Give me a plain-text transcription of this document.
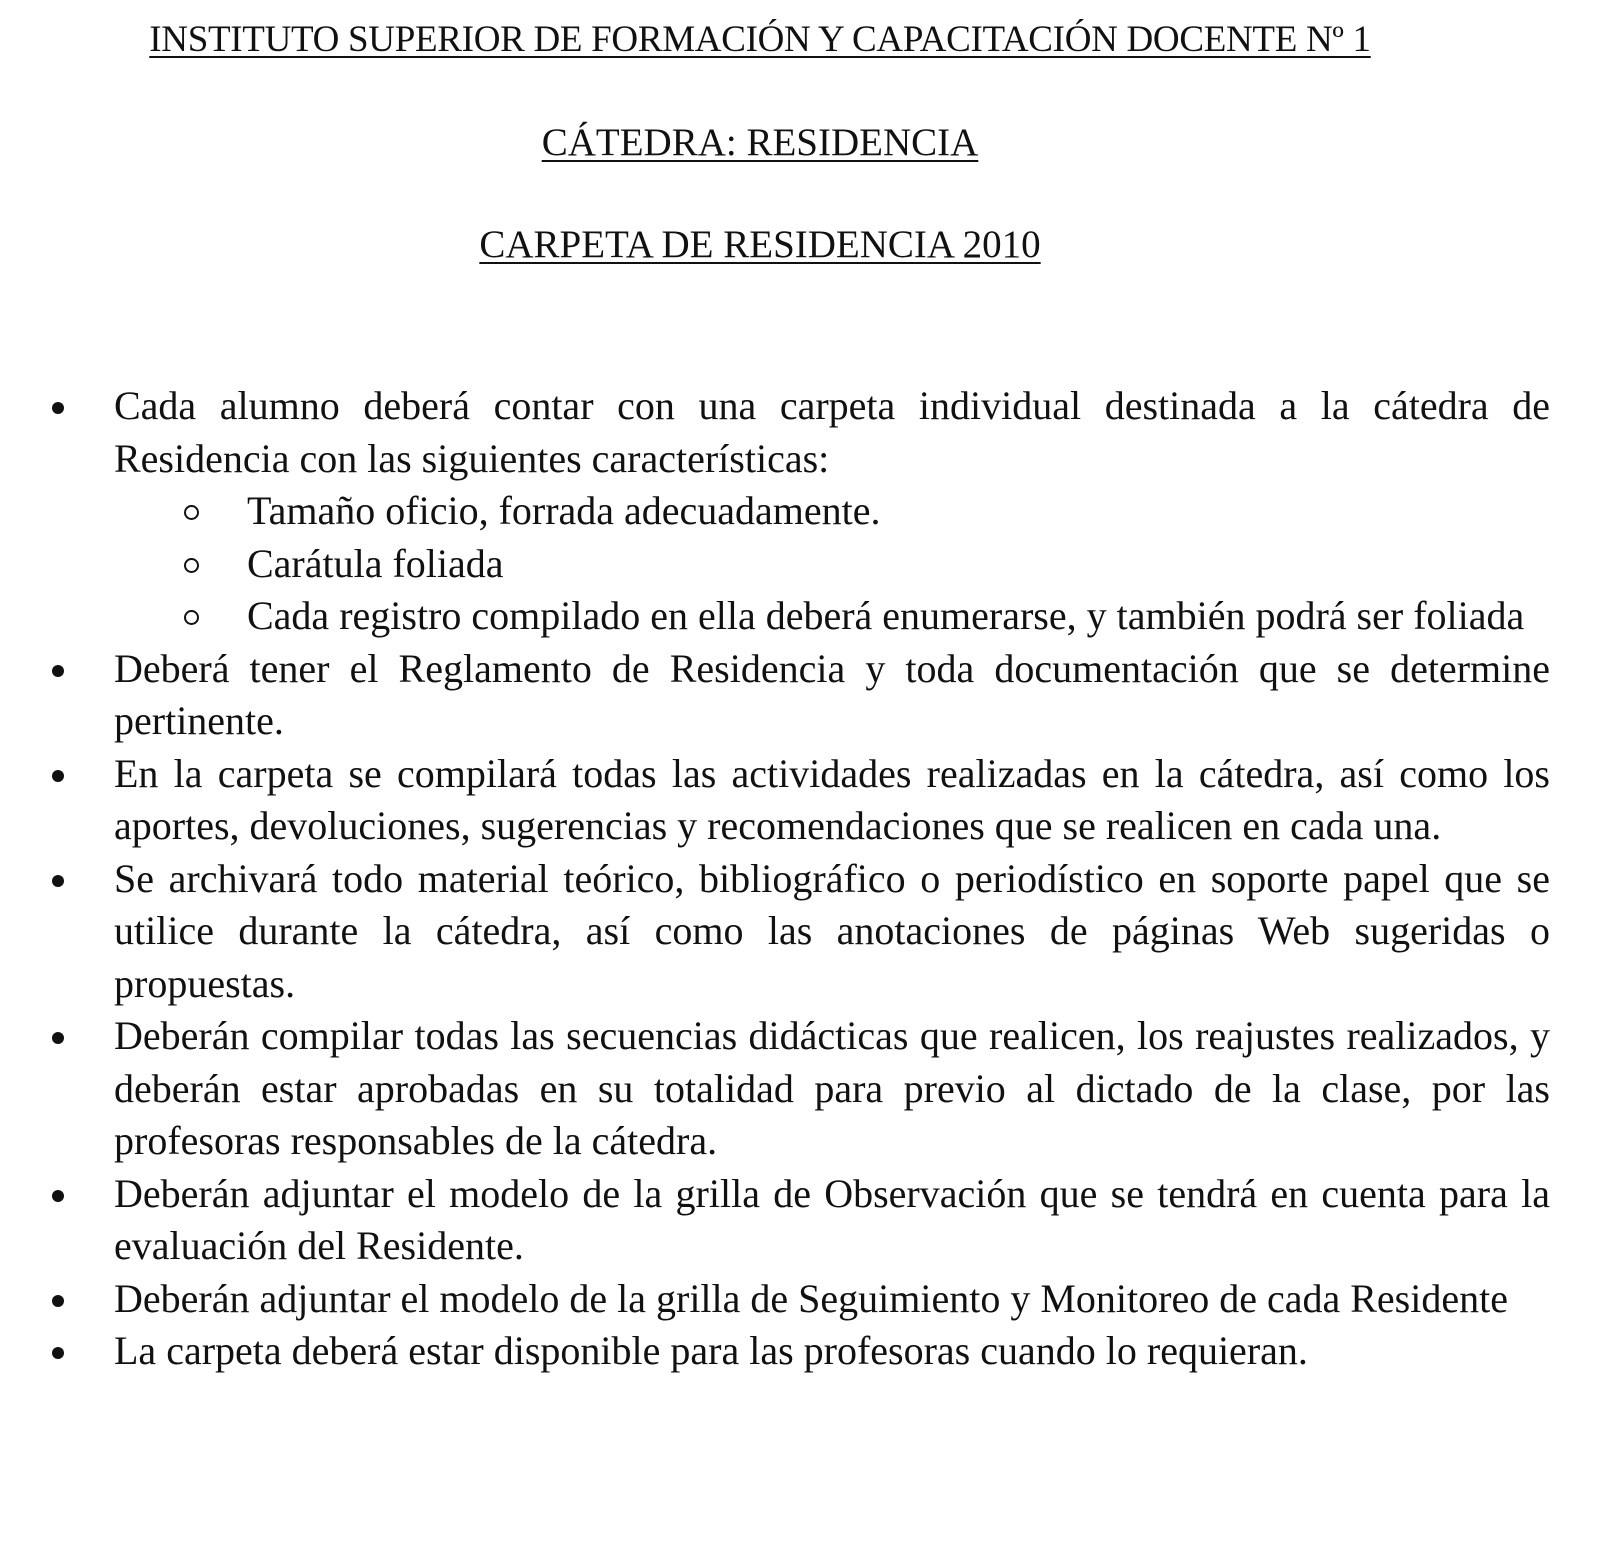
INSTITUTO SUPERIOR DE FORMACIÓN Y CAPACITACIÓN DOCENTE Nº 1
CÁTEDRA: RESIDENCIA
CARPETA DE RESIDENCIA 2010
Cada alumno deberá contar con una carpeta individual destinada a la cátedra de Residencia con las siguientes características:
Tamaño oficio, forrada adecuadamente.
Carátula foliada
Cada registro compilado en ella deberá enumerarse, y también podrá ser foliada
Deberá tener el Reglamento de Residencia y toda documentación que se determine pertinente.
En la carpeta se compilará todas las actividades realizadas en la cátedra, así como los aportes, devoluciones, sugerencias y recomendaciones que se realicen en cada una.
Se archivará todo material teórico, bibliográfico o periodístico en soporte papel que se utilice durante la cátedra, así como las anotaciones de páginas Web sugeridas o propuestas.
Deberán compilar todas las secuencias didácticas que realicen, los reajustes realizados, y deberán estar aprobadas en su totalidad para previo al dictado de la clase, por las profesoras responsables de la cátedra.
Deberán adjuntar el modelo de la grilla de Observación que se tendrá en cuenta para la evaluación del Residente.
Deberán adjuntar el modelo de la grilla de Seguimiento y Monitoreo de cada Residente
La carpeta deberá estar disponible para las profesoras cuando lo requieran.
